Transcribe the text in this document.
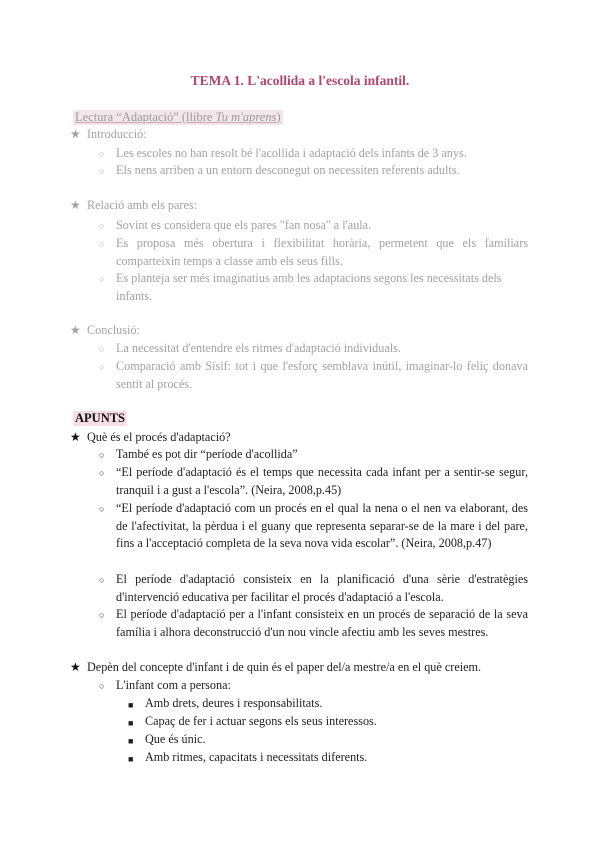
TEMA 1. L'acollida a l'escola infantil.
Lectura “Adaptació” (llibre Tu m'aprens)
★ Introducció:
○ Les escoles no han resolt bé l'acollida i adaptació dels infants de 3 anys.
○ Els nens arriben a un entorn desconegut on necessiten referents adults.
★ Relació amb els pares:
○ Sovint es considera que els pares "fan nosa" a l'aula.
○ Es proposa més obertura i flexibilitat horària, permetent que els familiars comparteixin temps a classe amb els seus fills.
○ Es planteja ser més imaginatius amb les adaptacions segons les necessitats dels infants.
★ Conclusió:
○ La necessitat d'entendre els ritmes d'adaptació individuals.
○ Comparació amb Sísif: tot i que l'esforç semblava inútil, imaginar-lo feliç donava sentit al procés.
APUNTS
★ Què és el procés d'adaptació?
○ També es pot dir “període d'acollida”
○ “El període d'adaptació és el temps que necessita cada infant per a sentir-se segur, tranquil i a gust a l'escola”. (Neira, 2008,p.45)
○ “El període d'adaptació com un procés en el qual la nena o el nen va elaborant, des de l'afectivitat, la pèrdua i el guany que representa separar-se de la mare i del pare, fins a l'acceptació completa de la seva nova vida escolar”. (Neira, 2008,p.47)
○ El període d'adaptació consisteix en la planificació d'una sèrie d'estratègies d'intervenció educativa per facilitar el procés d'adaptació a l'escola.
○ El període d'adaptació per a l'infant consisteix en un procés de separació de la seva família i alhora deconstrucció d'un nou vincle afectiu amb les seves mestres.
★ Depèn del concepte d'infant i de quin és el paper del/a mestre/a en el què creiem.
○ L'infant com a persona:
■ Amb drets, deures i responsabilitats.
■ Capaç de fer i actuar segons els seus interessos.
■ Que és únic.
■ Amb ritmes, capacitats i necessitats diferents.
